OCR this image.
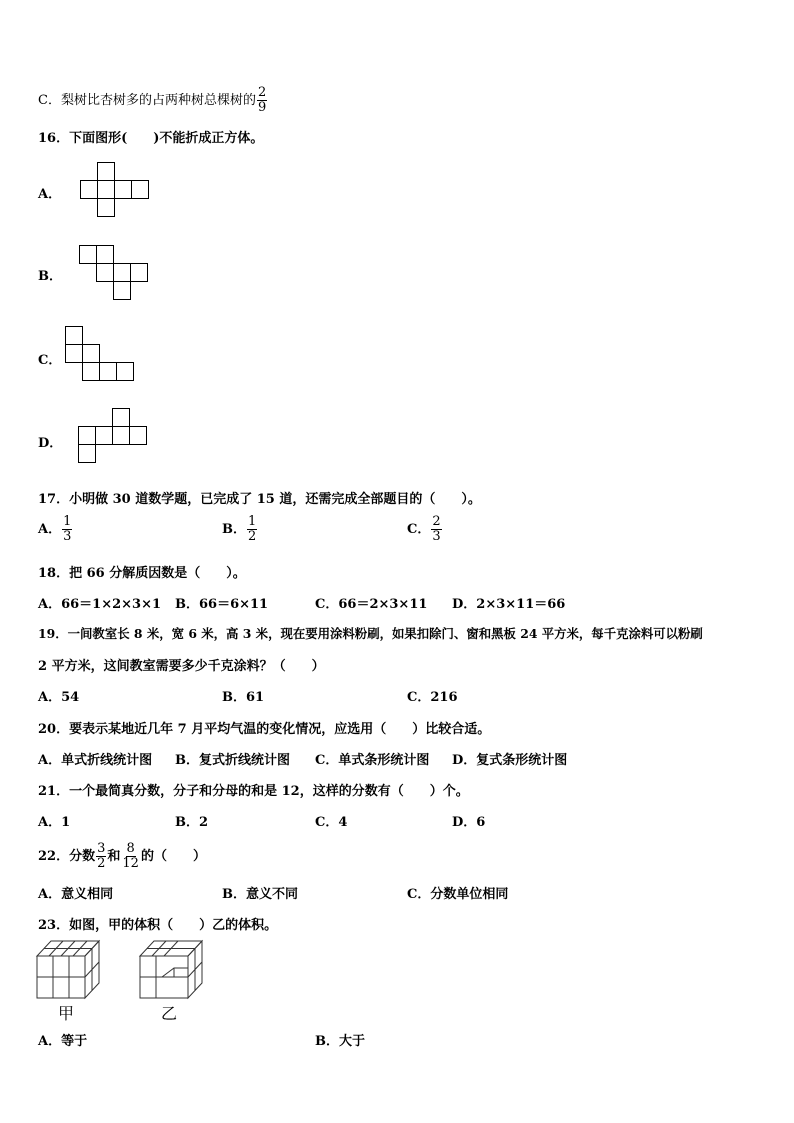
C．梨树比杏树多的占两种树总棵树的 $\frac{2}{9}$
16．下面图形(　　)不能折成正方体。
A．
B．
C．
D．
17．小明做 30 道数学题，已完成了 15 道，还需完成全部题目的（　　）。
A． $\frac{1}{3}$	B． $\frac{1}{2}$	C． $\frac{2}{3}$
18．把 66 分解质因数是（　　）。
A．66＝1×2×3×1 B．66＝6×11	C．66＝2×3×11 D．2×3×11＝66
19．一间教室长 8 米，宽 6 米，高 3 米，现在要用涂料粉刷，如果扣除门、窗和黑板 24 平方米，每千克涂料可以粉刷
2 平方米，这间教室需要多少千克涂料？（　　）
A．54	B．61	C．216
20．要表示某地近几年 7 月平均气温的变化情况，应选用（　　）比较合适。
A．单式折线统计图 B．复式折线统计图 C．单式条形统计图 D．复式条形统计图
21．一个最简真分数，分子和分母的和是 12，这样的分数有（　　）个。
A．1	B．2	C．4	D．6
22．分数 $\frac{3}{2}$ 和 $\frac{8}{12}$ 的（　　）
A．意义相同	B．意义不同	C．分数单位相同
23．如图，甲的体积（　　）乙的体积。
甲	乙
A．等于	B．大于
